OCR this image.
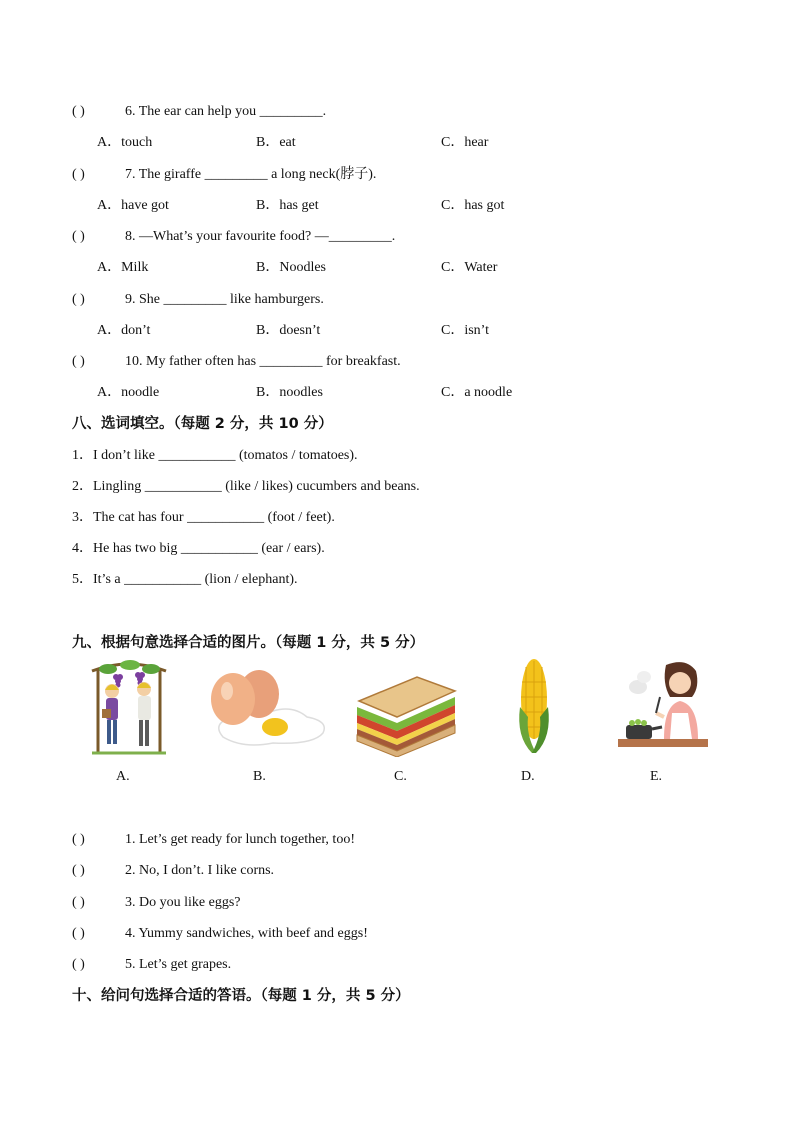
( )	6. The ear can help you _________.
A．touch	B．eat	C．hear
( )	7. The giraffe _________ a long neck(脖子).
A．have got	B．has get	C．has got
( )	8. —What’s your favourite food? —_________.
A．Milk	B．Noodles	C．Water
( )	9. She _________ like hamburgers.
A．don’t	B．doesn’t	C．isn’t
( )	10. My father often has _________ for breakfast.
A．noodle	B．noodles	C．a noodle
八、选词填空。（每题 2 分，共 10 分）
1．I don’t like ___________ (tomatos / tomatoes).
2．Lingling ___________ (like / likes) cucumbers and beans.
3．The cat has four ___________ (foot / feet).
4．He has two big ___________ (ear / ears).
5．It’s a ___________ (lion / elephant).
九、根据句意选择合适的图片。（每题 1 分，共 5 分）
A.	B.	C.	D.	E.
( )	1. Let’s get ready for lunch together, too!
( )	2. No, I don’t. I like corns.
( )	3. Do you like eggs?
( )	4. Yummy sandwiches, with beef and eggs!
( )	5. Let’s get grapes.
十、给问句选择合适的答语。（每题 1 分，共 5 分）
